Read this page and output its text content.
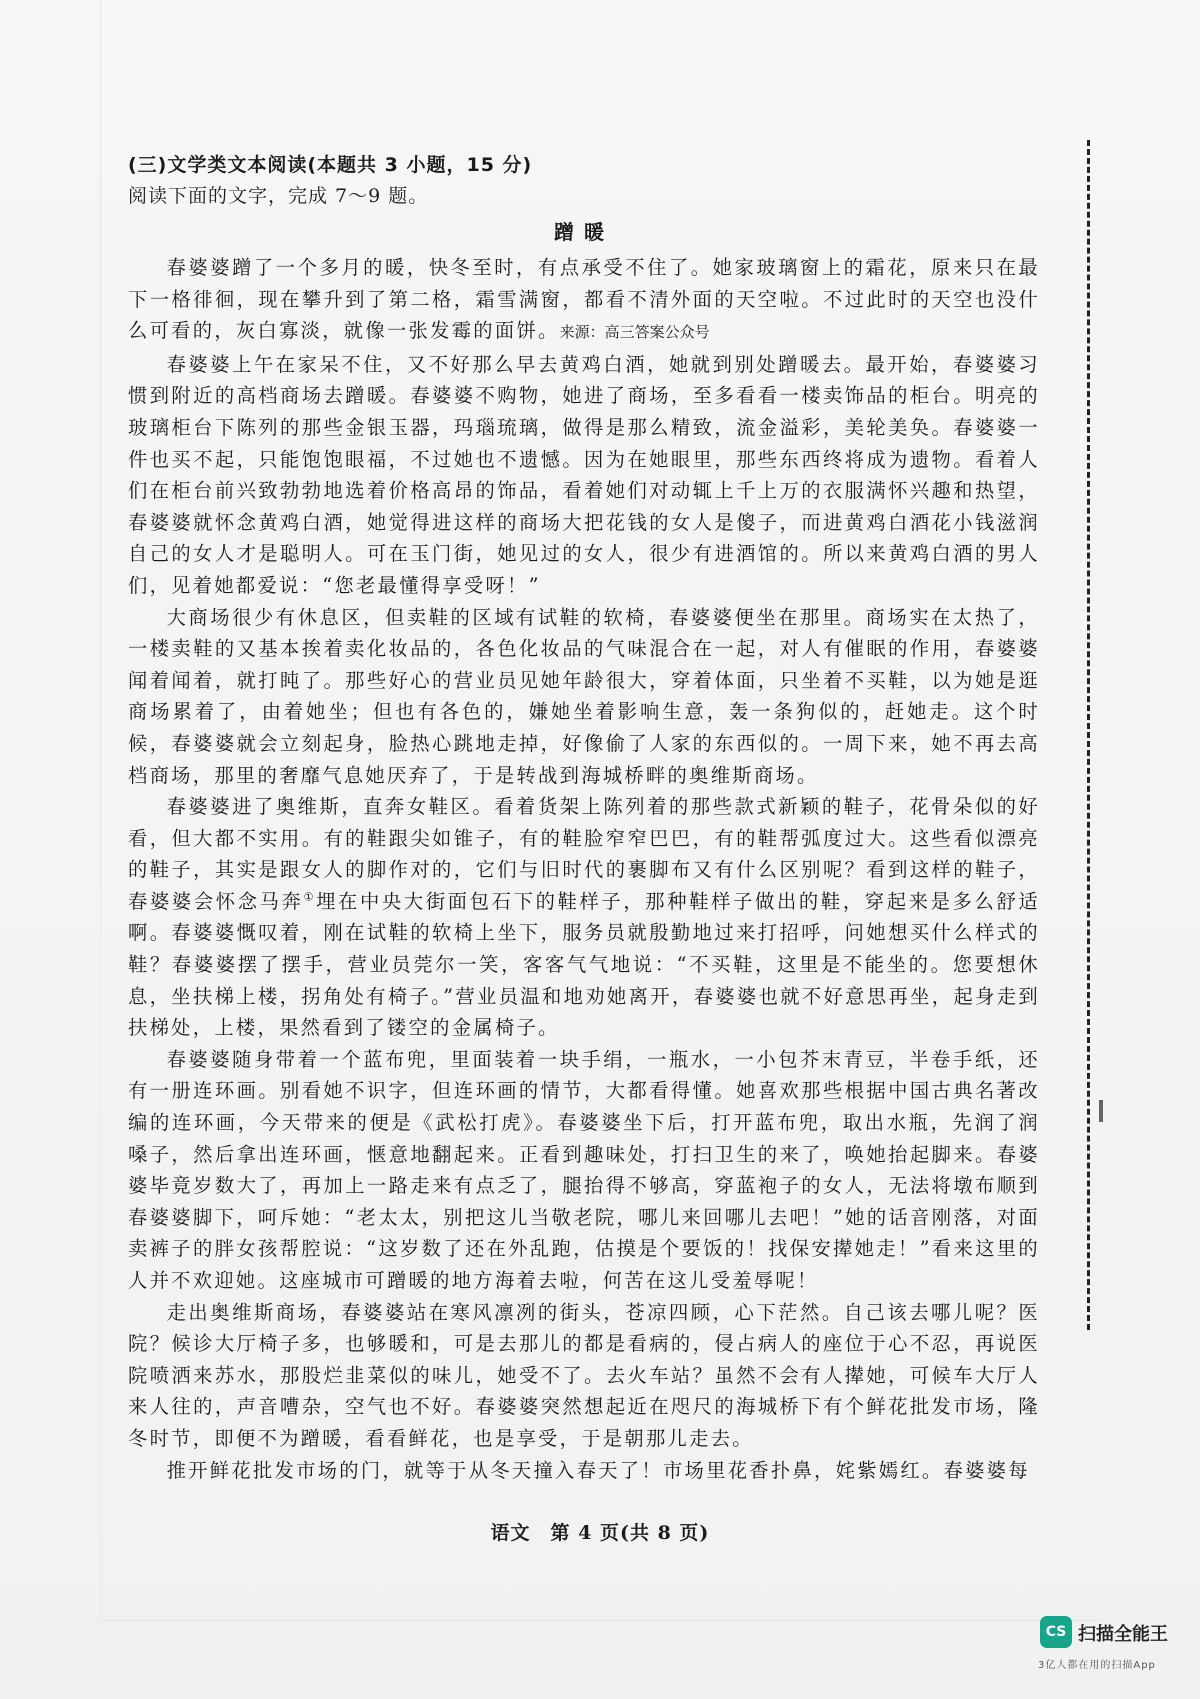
(三)文学类文本阅读(本题共 3 小题，15 分)

阅读下面的文字，完成 7～9 题。

蹭暖

春婆婆蹭了一个多月的暖，快冬至时，有点承受不住了。她家玻璃窗上的霜花，原来只在最下一格徘徊，现在攀升到了第二格，霜雪满窗，都看不清外面的天空啦。不过此时的天空也没什么可看的，灰白寡淡，就像一张发霉的面饼。来源：高三答案公众号

春婆婆上午在家呆不住，又不好那么早去黄鸡白酒，她就到别处蹭暖去。最开始，春婆婆习惯到附近的高档商场去蹭暖。春婆婆不购物，她进了商场，至多看看一楼卖饰品的柜台。明亮的玻璃柜台下陈列的那些金银玉器，玛瑙琉璃，做得是那么精致，流金溢彩，美轮美奂。春婆婆一件也买不起，只能饱饱眼福，不过她也不遗憾。因为在她眼里，那些东西终将成为遗物。看着人们在柜台前兴致勃勃地选着价格高昂的饰品，看着她们对动辄上千上万的衣服满怀兴趣和热望，春婆婆就怀念黄鸡白酒，她觉得进这样的商场大把花钱的女人是傻子，而进黄鸡白酒花小钱滋润自己的女人才是聪明人。可在玉门街，她见过的女人，很少有进酒馆的。所以来黄鸡白酒的男人们，见着她都爱说：“您老最懂得享受呀！”

大商场很少有休息区，但卖鞋的区域有试鞋的软椅，春婆婆便坐在那里。商场实在太热了，一楼卖鞋的又基本挨着卖化妆品的，各色化妆品的气味混合在一起，对人有催眠的作用，春婆婆闻着闻着，就打盹了。那些好心的营业员见她年龄很大，穿着体面，只坐着不买鞋，以为她是逛商场累着了，由着她坐；但也有各色的，嫌她坐着影响生意，轰一条狗似的，赶她走。这个时候，春婆婆就会立刻起身，脸热心跳地走掉，好像偷了人家的东西似的。一周下来，她不再去高档商场，那里的奢靡气息她厌弃了，于是转战到海城桥畔的奥维斯商场。

春婆婆进了奥维斯，直奔女鞋区。看着货架上陈列着的那些款式新颖的鞋子，花骨朵似的好看，但大都不实用。有的鞋跟尖如锥子，有的鞋脸窄窄巴巴，有的鞋帮弧度过大。这些看似漂亮的鞋子，其实是跟女人的脚作对的，它们与旧时代的裹脚布又有什么区别呢？看到这样的鞋子，春婆婆会怀念马奔①埋在中央大街面包石下的鞋样子，那种鞋样子做出的鞋，穿起来是多么舒适啊。春婆婆慨叹着，刚在试鞋的软椅上坐下，服务员就殷勤地过来打招呼，问她想买什么样式的鞋？春婆婆摆了摆手，营业员莞尔一笑，客客气气地说：“不买鞋，这里是不能坐的。您要想休息，坐扶梯上楼，拐角处有椅子。”营业员温和地劝她离开，春婆婆也就不好意思再坐，起身走到扶梯处，上楼，果然看到了镂空的金属椅子。

春婆婆随身带着一个蓝布兜，里面装着一块手绢，一瓶水，一小包芥末青豆，半卷手纸，还有一册连环画。别看她不识字，但连环画的情节，大都看得懂。她喜欢那些根据中国古典名著改编的连环画，今天带来的便是《武松打虎》。春婆婆坐下后，打开蓝布兜，取出水瓶，先润了润嗓子，然后拿出连环画，惬意地翻起来。正看到趣味处，打扫卫生的来了，唤她抬起脚来。春婆婆毕竟岁数大了，再加上一路走来有点乏了，腿抬得不够高，穿蓝袍子的女人，无法将墩布顺到春婆婆脚下，呵斥她：“老太太，别把这儿当敬老院，哪儿来回哪儿去吧！”她的话音刚落，对面卖裤子的胖女孩帮腔说：“这岁数了还在外乱跑，估摸是个要饭的！找保安撵她走！”看来这里的人并不欢迎她。这座城市可蹭暖的地方海着去啦，何苦在这儿受羞辱呢！

走出奥维斯商场，春婆婆站在寒风凛冽的街头，苍凉四顾，心下茫然。自己该去哪儿呢？医院？候诊大厅椅子多，也够暖和，可是去那儿的都是看病的，侵占病人的座位于心不忍，再说医院喷洒来苏水，那股烂韭菜似的味儿，她受不了。去火车站？虽然不会有人撵她，可候车大厅人来人往的，声音嘈杂，空气也不好。春婆婆突然想起近在咫尺的海城桥下有个鲜花批发市场，隆冬时节，即便不为蹭暖，看看鲜花，也是享受，于是朝那儿走去。

推开鲜花批发市场的门，就等于从冬天撞入春天了！市场里花香扑鼻，姹紫嫣红。春婆婆每

语文　第 4 页(共 8 页)
CS 扫描全能王
3亿人都在用的扫描App
